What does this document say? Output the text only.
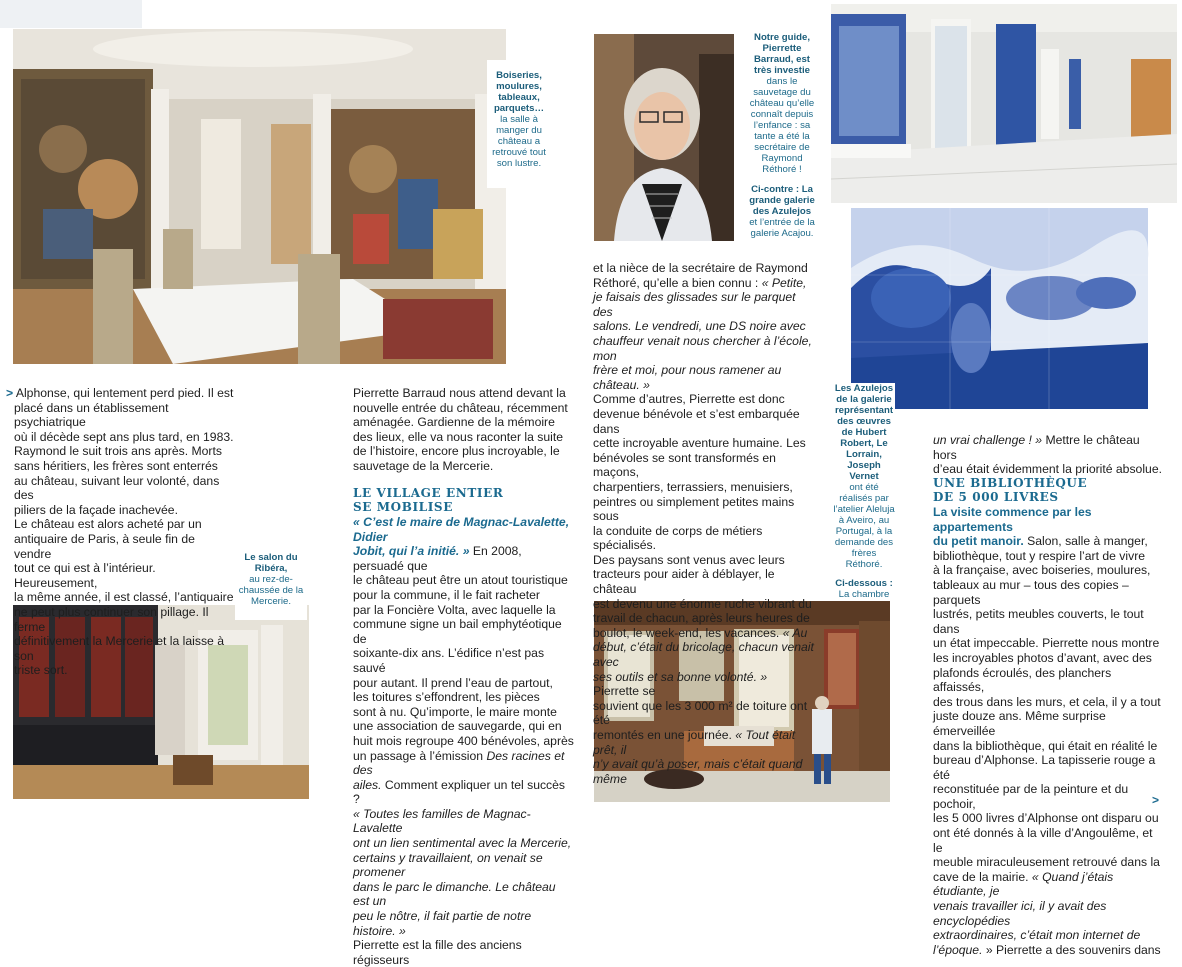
Boiseries, moulures, tableaux, parquets…
la salle à manger du château a retrouvé tout son lustre.
Notre guide, Pierrette Barraud, est très investie
dans le sauvetage du château qu’elle connaît depuis l’enfance : sa tante a été la secrétaire de Raymond Réthoré !
Ci-contre : La grande galerie des Azulejos
et l’entrée de la galerie Acajou.
Les Azulejos de la galerie représentant des œuvres de Hubert Robert, Le Lorrain, Joseph Vernet
ont été réalisés par l’atelier Aleluja à Aveiro, au Portugal, à la demande des frères Réthoré.
Ci-dessous :
La chambre
Le salon du Ribéra,
au rez-de-chaussée de la Mercerie.

> Alphonse, qui lentement perd pied. Il est

placé dans un établissement psychiatrique

où il décède sept ans plus tard, en 1983.

Raymond le suit trois ans après. Morts

sans héritiers, les frères sont enterrés

au château, suivant leur volonté, dans des

piliers de la façade inachevée.

Le château est alors acheté par un

antiquaire de Paris, à seule fin de vendre

tout ce qui est à l’intérieur. Heureusement,

la même année, il est classé, l’antiquaire

ne peut plus continuer son pillage. Il ferme

définitivement la Mercerie et la laisse à son

triste sort.

Pierrette Barraud nous attend devant la

nouvelle entrée du château, récemment

aménagée. Gardienne de la mémoire

des lieux, elle va nous raconter la suite

de l’histoire, encore plus incroyable, le

sauvetage de la Mercerie.

LE VILLAGE ENTIER
SE MOBILISE

« C’est le maire de Magnac-Lavalette, Didier

Jobit, qui l’a initié. » En 2008, persuadé que

le château peut être un atout touristique

pour la commune, il le fait racheter

par la Foncière Volta, avec laquelle la

commune signe un bail emphytéotique de

soixante-dix ans. L’édifice n’est pas sauvé

pour autant. Il prend l’eau de partout,

les toitures s’effondrent, les pièces

sont à nu. Qu’importe, le maire monte

une association de sauvegarde, qui en

huit mois regroupe 400 bénévoles, après

un passage à l’émission Des racines et des

ailes. Comment expliquer un tel succès ?

« Toutes les familles de Magnac-Lavalette

ont un lien sentimental avec la Mercerie,

certains y travaillaient, on venait se promener

dans le parc le dimanche. Le château est un

peu le nôtre, il fait partie de notre histoire. »

Pierrette est la fille des anciens régisseurs

et la nièce de la secrétaire de Raymond

Réthoré, qu’elle a bien connu : « Petite,

je faisais des glissades sur le parquet des

salons. Le vendredi, une DS noire avec

chauffeur venait nous chercher à l’école, mon

frère et moi, pour nous ramener au château. »

Comme d’autres, Pierrette est donc

devenue bénévole et s’est embarquée dans

cette incroyable aventure humaine. Les

bénévoles se sont transformés en maçons,

charpentiers, terrassiers, menuisiers,

peintres ou simplement petites mains sous

la conduite de corps de métiers spécialisés.

Des paysans sont venus avec leurs

tracteurs pour aider à déblayer, le château

est devenu une énorme ruche vibrant du

travail de chacun, après leurs heures de

boulot, le week-end, les vacances. « Au

début, c’était du bricolage, chacun venait avec

ses outils et sa bonne volonté. » Pierrette se

souvient que les 3 000 m² de toiture ont été

remontés en une journée. « Tout était prêt, il

n’y avait qu’à poser, mais c’était quand même

un vrai challenge ! » Mettre le château hors

d’eau était évidemment la priorité absolue.

UNE BIBLIOTHÈQUE
DE 5 000 LIVRES

La visite commence par les appartements

du petit manoir. Salon, salle à manger,

bibliothèque, tout y respire l’art de vivre

à la française, avec boiseries, moulures,

tableaux au mur – tous des copies – parquets

lustrés, petits meubles couverts, le tout dans

un état impeccable. Pierrette nous montre

les incroyables photos d’avant, avec des

plafonds écroulés, des planchers affaissés,

des trous dans les murs, et cela, il y a tout

juste douze ans. Même surprise émerveillée

dans la bibliothèque, qui était en réalité le

bureau d’Alphonse. La tapisserie rouge a été

reconstituée par de la peinture et du pochoir,

les 5 000 livres d’Alphonse ont disparu ou

ont été donnés à la ville d’Angoulême, et le

meuble miraculeusement retrouvé dans la

cave de la mairie. « Quand j’étais étudiante, je

venais travailler ici, il y avait des encyclopédies

extraordinaires, c’était mon internet de

l’époque. » Pierrette a des souvenirs dans

>
